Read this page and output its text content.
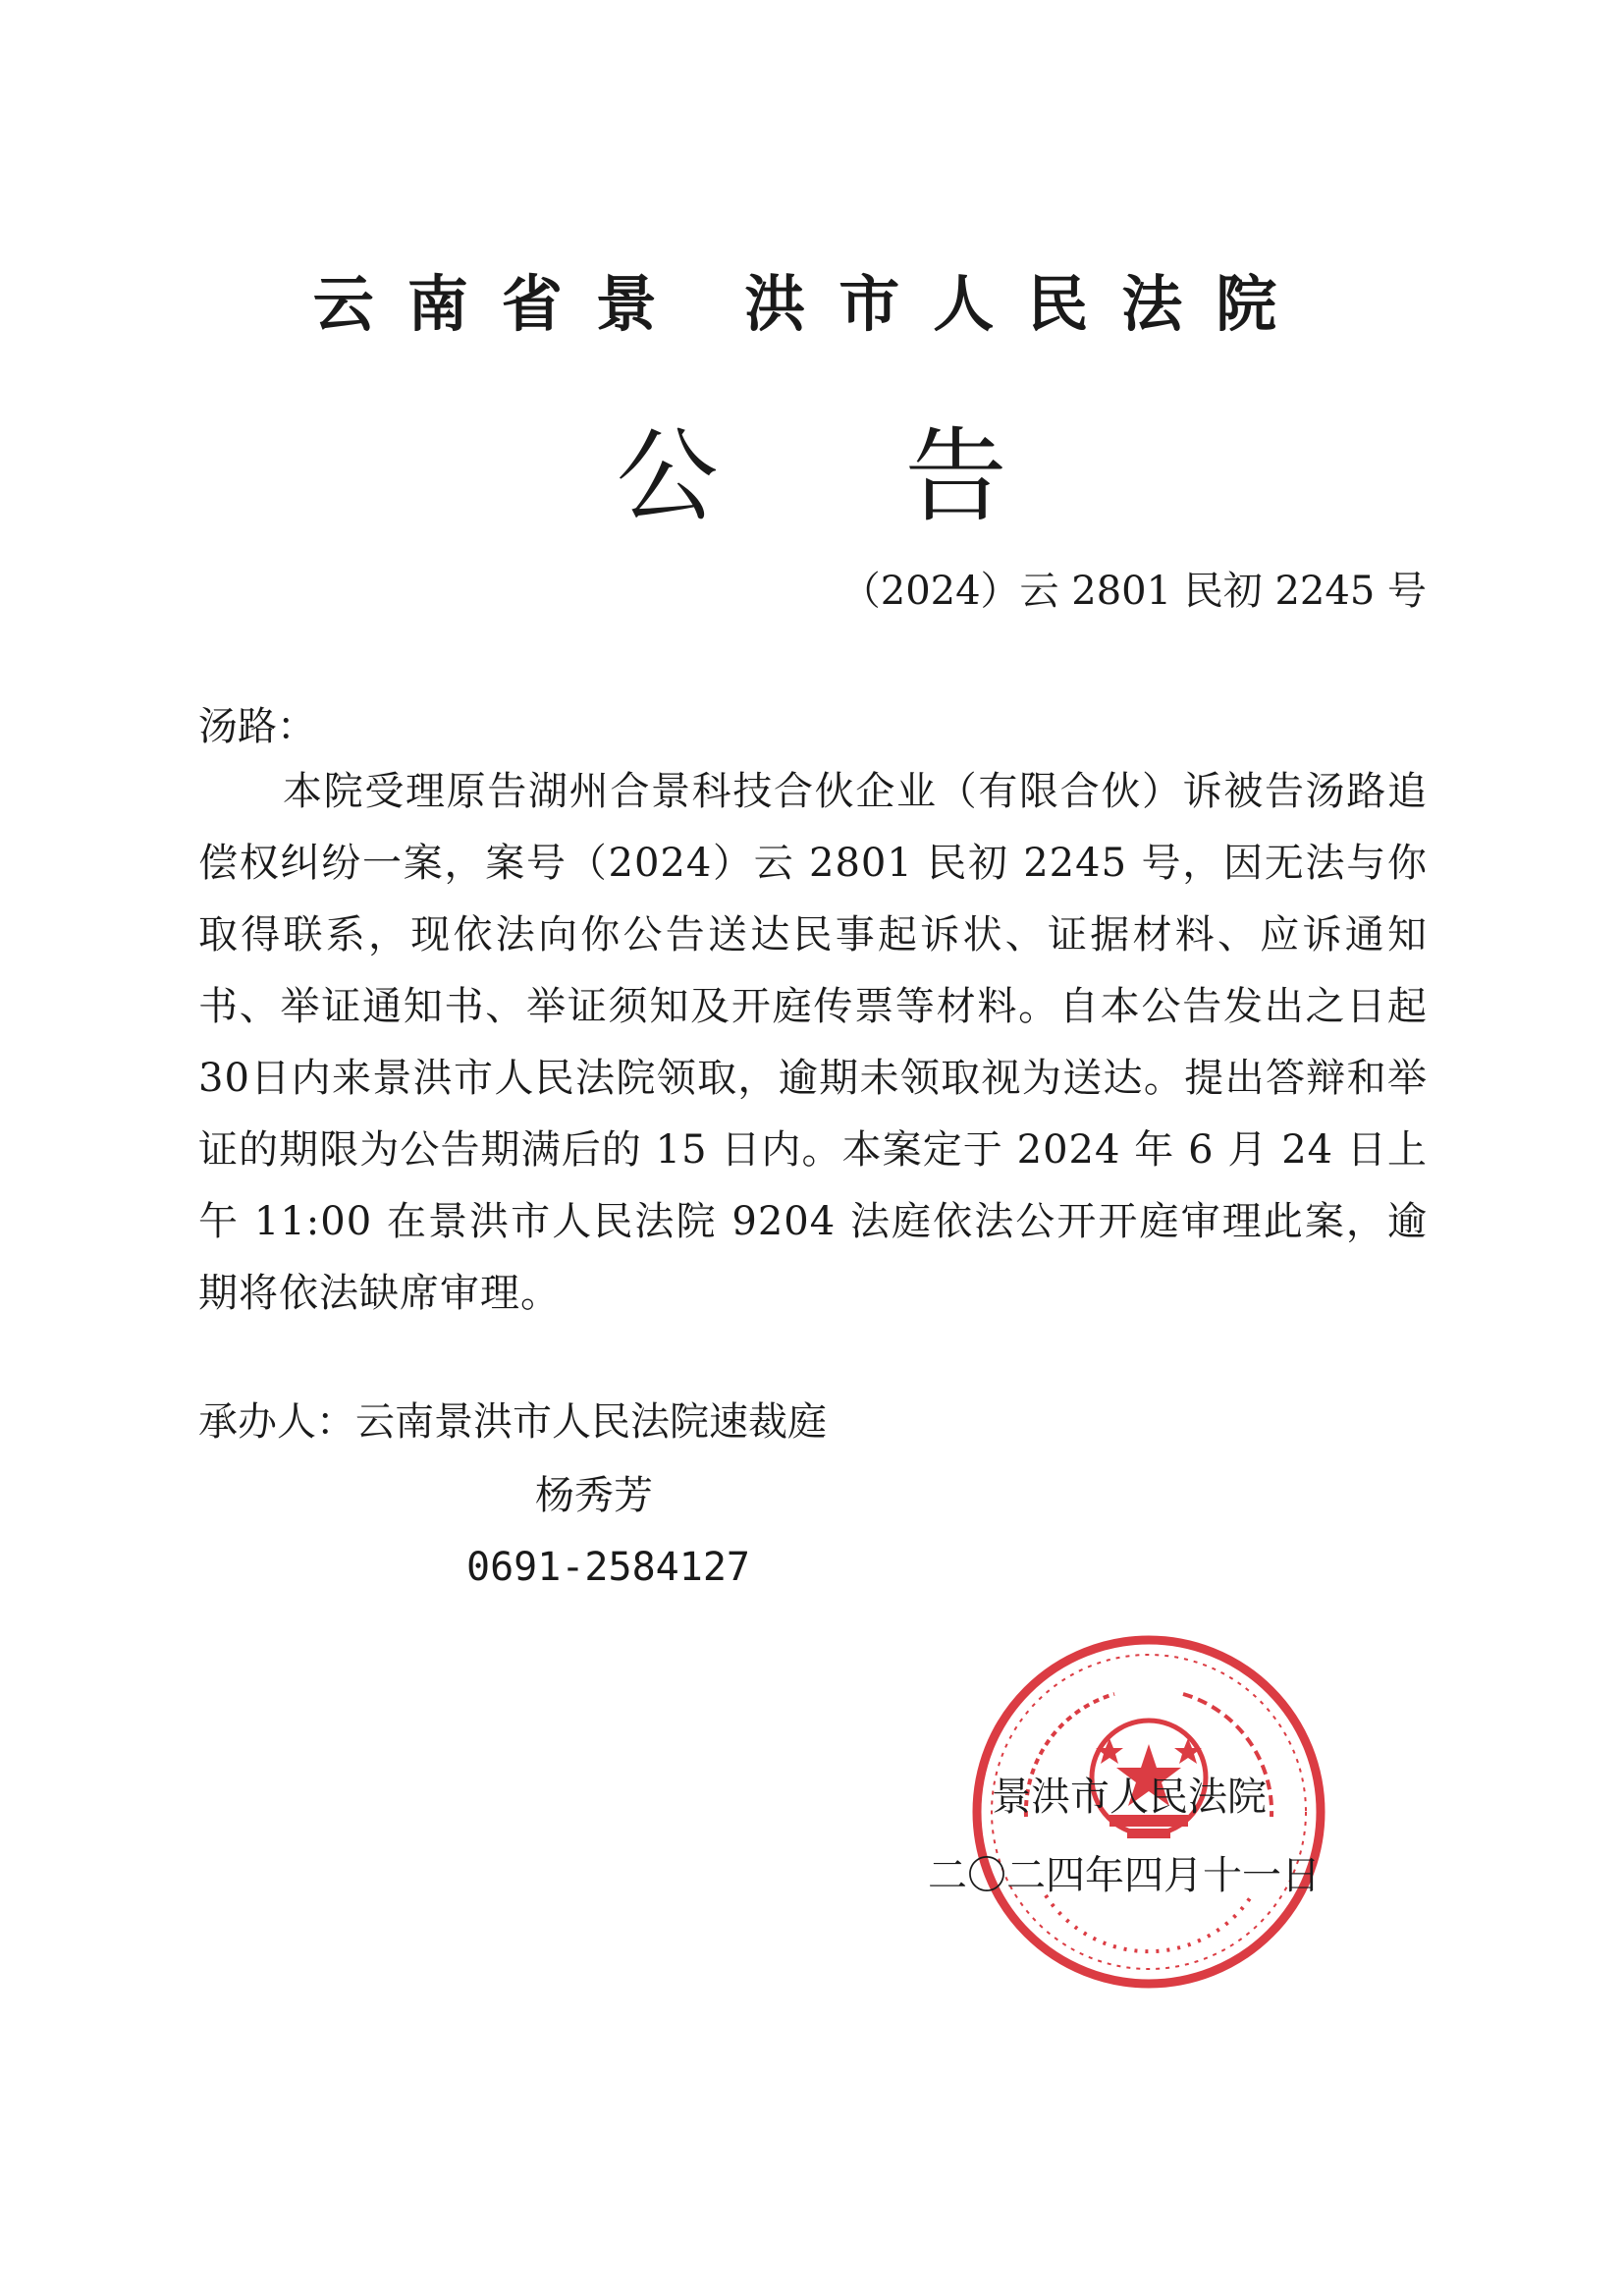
云南省景 洪市人民法院
公告
（2024）云 2801 民初 2245 号
汤路：
本院受理原告湖州合景科技合伙企业（有限合伙）诉被告汤路追偿权纠纷一案，案号（2024）云 2801 民初 2245 号，因无法与你取得联系，现依法向你公告送达民事起诉状、证据材料、应诉通知书、举证通知书、举证须知及开庭传票等材料。自本公告发出之日起30日内来景洪市人民法院领取，逾期未领取视为送达。提出答辩和举证的期限为公告期满后的 15 日内。本案定于 2024 年 6 月 24 日上午 11:00 在景洪市人民法院 9204 法庭依法公开开庭审理此案，逾期将依法缺席审理。
承办人：云南景洪市人民法院速裁庭
杨秀芳
0691-2584127
景洪市人民法院
二〇二四年四月十一日
